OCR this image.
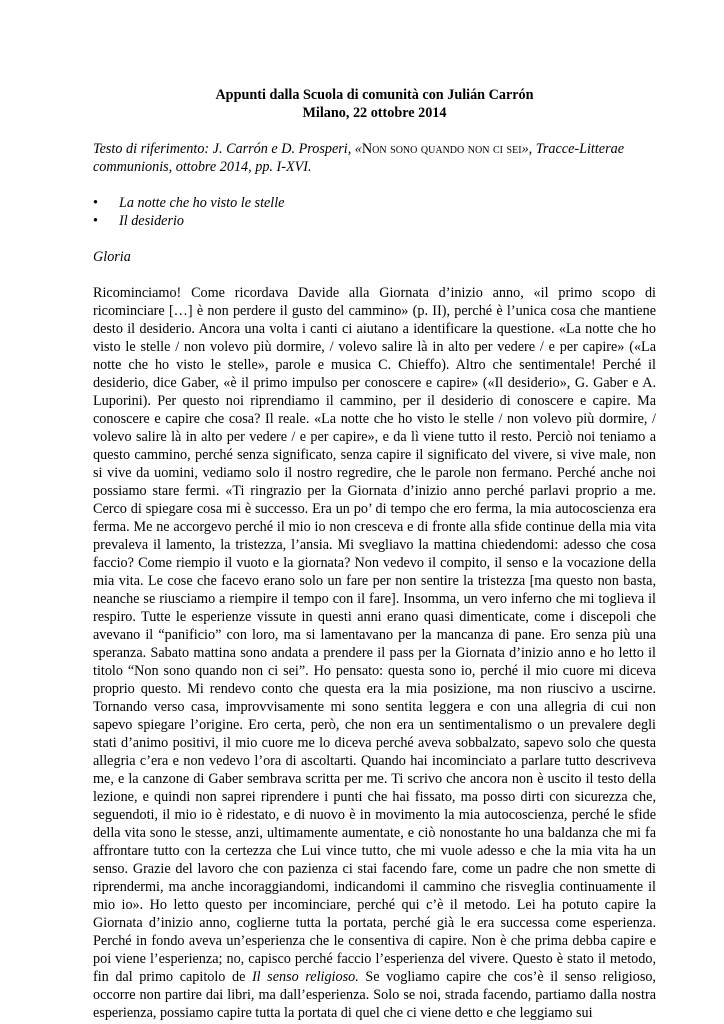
Appunti dalla Scuola di comunità con Julián Carrón
Milano, 22 ottobre 2014

Testo di riferimento: J. Carrón e D. Prosperi, «Non sono quando non ci sei», Tracce-Litterae communionis, ottobre 2014, pp. I-XVI.

• La notte che ho visto le stelle
• Il desiderio

Gloria

Ricominciamo! Come ricordava Davide alla Giornata d’inizio anno, «il primo scopo di ricominciare […] è non perdere il gusto del cammino» (p. II), perché è l’unica cosa che mantiene desto il desiderio. Ancora una volta i canti ci aiutano a identificare la questione. «La notte che ho visto le stelle / non volevo più dormire, / volevo salire là in alto per vedere / e per capire» («La notte che ho visto le stelle», parole e musica C. Chieffo). Altro che sentimentale! Perché il desiderio, dice Gaber, «è il primo impulso per conoscere e capire» («Il desiderio», G. Gaber e A. Luporini). Per questo noi riprendiamo il cammino, per il desiderio di conoscere e capire. Ma conoscere e capire che cosa? Il reale. «La notte che ho visto le stelle / non volevo più dormire, / volevo salire là in alto per vedere / e per capire», e da lì viene tutto il resto. Perciò noi teniamo a questo cammino, perché senza significato, senza capire il significato del vivere, si vive male, non si vive da uomini, vediamo solo il nostro regredire, che le parole non fermano. Perché anche noi possiamo stare fermi. «Ti ringrazio per la Giornata d’inizio anno perché parlavi proprio a me. Cerco di spiegare cosa mi è successo. Era un po’ di tempo che ero ferma, la mia autocoscienza era ferma. Me ne accorgevo perché il mio io non cresceva e di fronte alla sfide continue della mia vita prevaleva il lamento, la tristezza, l’ansia. Mi svegliavo la mattina chiedendomi: adesso che cosa faccio? Come riempio il vuoto e la giornata? Non vedevo il compito, il senso e la vocazione della mia vita. Le cose che facevo erano solo un fare per non sentire la tristezza [ma questo non basta, neanche se riusciamo a riempire il tempo con il fare]. Insomma, un vero inferno che mi toglieva il respiro. Tutte le esperienze vissute in questi anni erano quasi dimenticate, come i discepoli che avevano il “panificio” con loro, ma si lamentavano per la mancanza di pane. Ero senza più una speranza. Sabato mattina sono andata a prendere il pass per la Giornata d’inizio anno e ho letto il titolo “Non sono quando non ci sei”. Ho pensato: questa sono io, perché il mio cuore mi diceva proprio questo. Mi rendevo conto che questa era la mia posizione, ma non riuscivo a uscirne. Tornando verso casa, improvvisamente mi sono sentita leggera e con una allegria di cui non sapevo spiegare l’origine. Ero certa, però, che non era un sentimentalismo o un prevalere degli stati d’animo positivi, il mio cuore me lo diceva perché aveva sobbalzato, sapevo solo che questa allegria c’era e non vedevo l’ora di ascoltarti. Quando hai incominciato a parlare tutto descriveva me, e la canzone di Gaber sembrava scritta per me. Ti scrivo che ancora non è uscito il testo della lezione, e quindi non saprei riprendere i punti che hai fissato, ma posso dirti con sicurezza che, seguendoti, il mio io è ridestato, e di nuovo è in movimento la mia autocoscienza, perché le sfide della vita sono le stesse, anzi, ultimamente aumentate, e ciò nonostante ho una baldanza che mi fa affrontare tutto con la certezza che Lui vince tutto, che mi vuole adesso e che la mia vita ha un senso. Grazie del lavoro che con pazienza ci stai facendo fare, come un padre che non smette di riprendermi, ma anche incoraggiandomi, indicandomi il cammino che risveglia continuamente il mio io». Ho letto questo per incominciare, perché qui c’è il metodo. Lei ha potuto capire la Giornata d’inizio anno, coglierne tutta la portata, perché già le era successa come esperienza. Perché in fondo aveva un’esperienza che le consentiva di capire. Non è che prima debba capire e poi viene l’esperienza; no, capisco perché faccio l’esperienza del vivere. Questo è stato il metodo, fin dal primo capitolo de Il senso religioso. Se vogliamo capire che cos’è il senso religioso, occorre non partire dai libri, ma dall’esperienza. Solo se noi, strada facendo, partiamo dalla nostra esperienza, possiamo capire tutta la portata di quel che ci viene detto e che leggiamo sui
